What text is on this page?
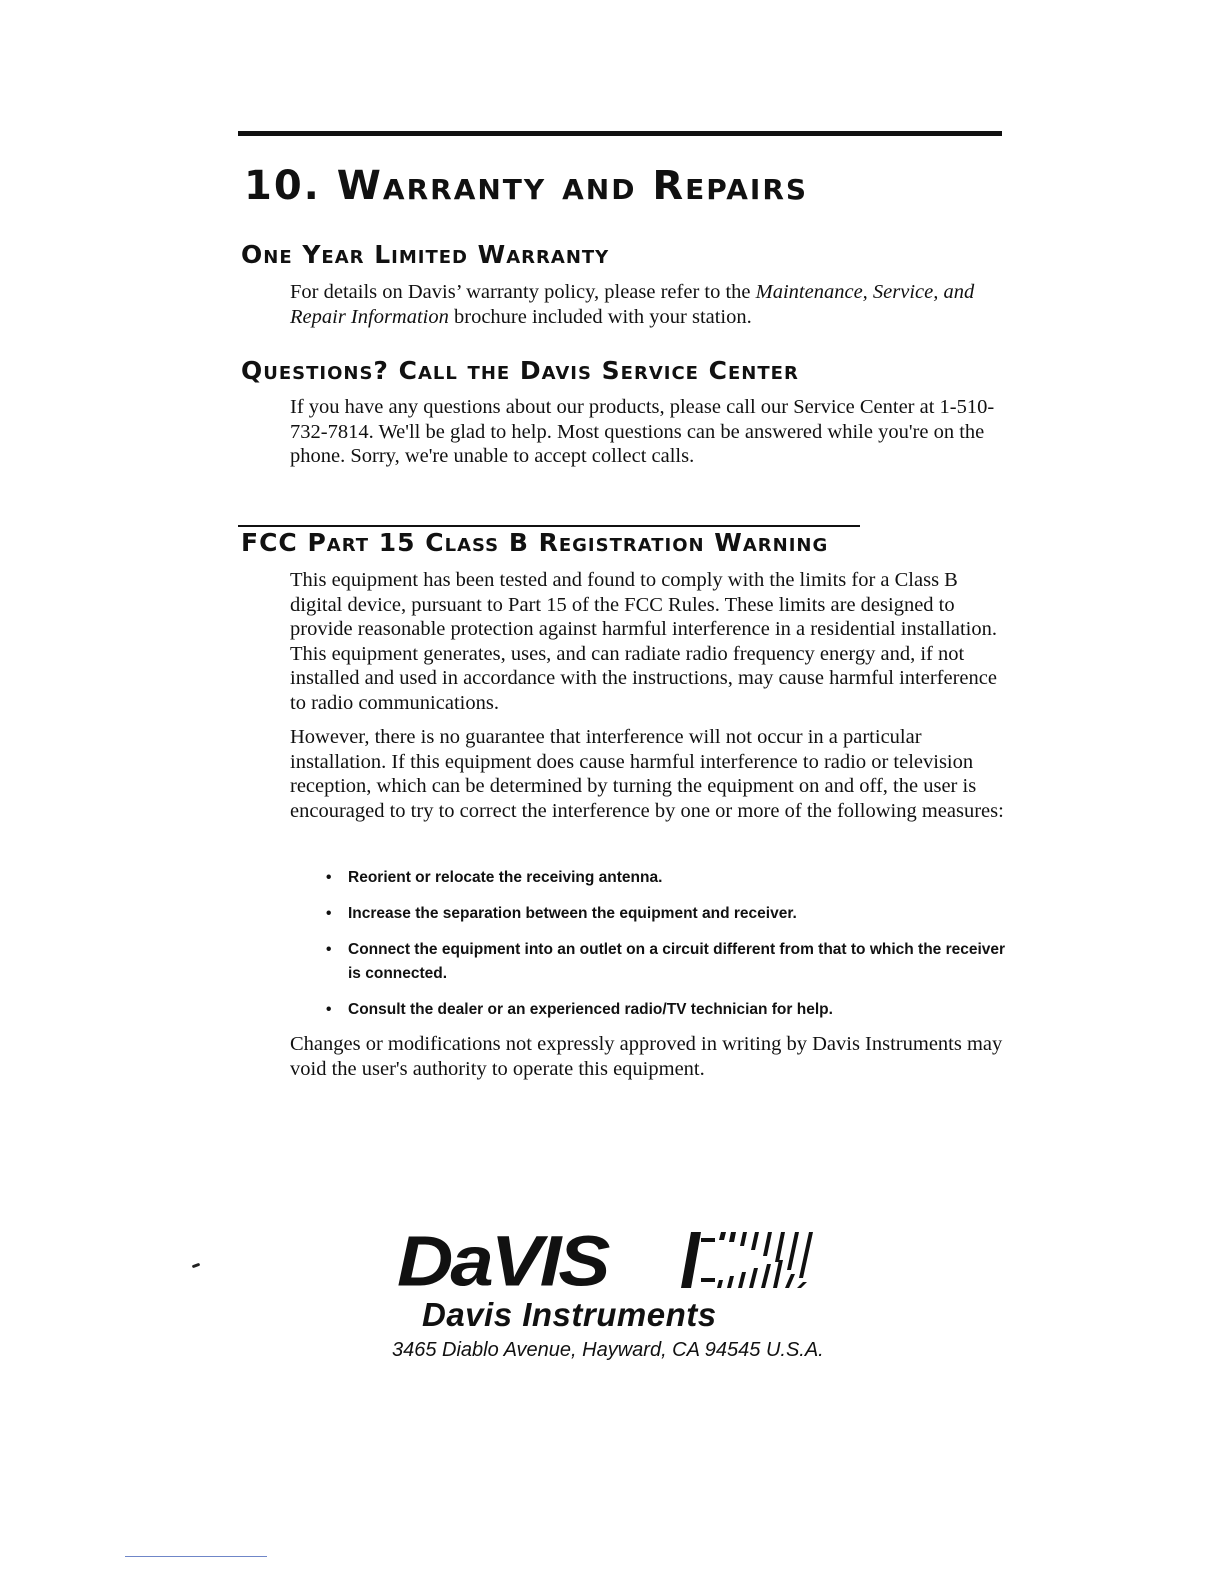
10. Warranty and Repairs
One Year Limited Warranty

For details on Davis’ warranty policy, please refer to the Maintenance, Service, and Repair Information brochure included with your station.

Questions? Call the Davis Service Center

If you have any questions about our products, please call our Service Center at 1-510-732-7814. We'll be glad to help. Most questions can be answered while you're on the phone. Sorry, we're unable to accept collect calls.

FCC Part 15 Class B Registration Warning

This equipment has been tested and found to comply with the limits for a Class B digital device, pursuant to Part 15 of the FCC Rules. These limits are designed to provide reasonable protection against harmful interference in a residential installation. This equipment generates, uses, and can radiate radio frequency energy and, if not installed and used in accordance with the instructions, may cause harmful interference to radio communications.

However, there is no guarantee that interference will not occur in a particular installation. If this equipment does cause harmful interference to radio or television reception, which can be determined by turning the equipment on and off, the user is encouraged to try to correct the interference by one or more of the following measures:

• Reorient or relocate the receiving antenna.
• Increase the separation between the equipment and receiver.
• Connect the equipment into an outlet on a circuit different from that to which the receiver is connected.
• Consult the dealer or an experienced radio/TV technician for help.

Changes or modifications not expressly approved in writing by Davis Instruments may void the user's authority to operate this equipment.

DaVIS
Davis Instruments
3465 Diablo Avenue, Hayward, CA 94545 U.S.A.
